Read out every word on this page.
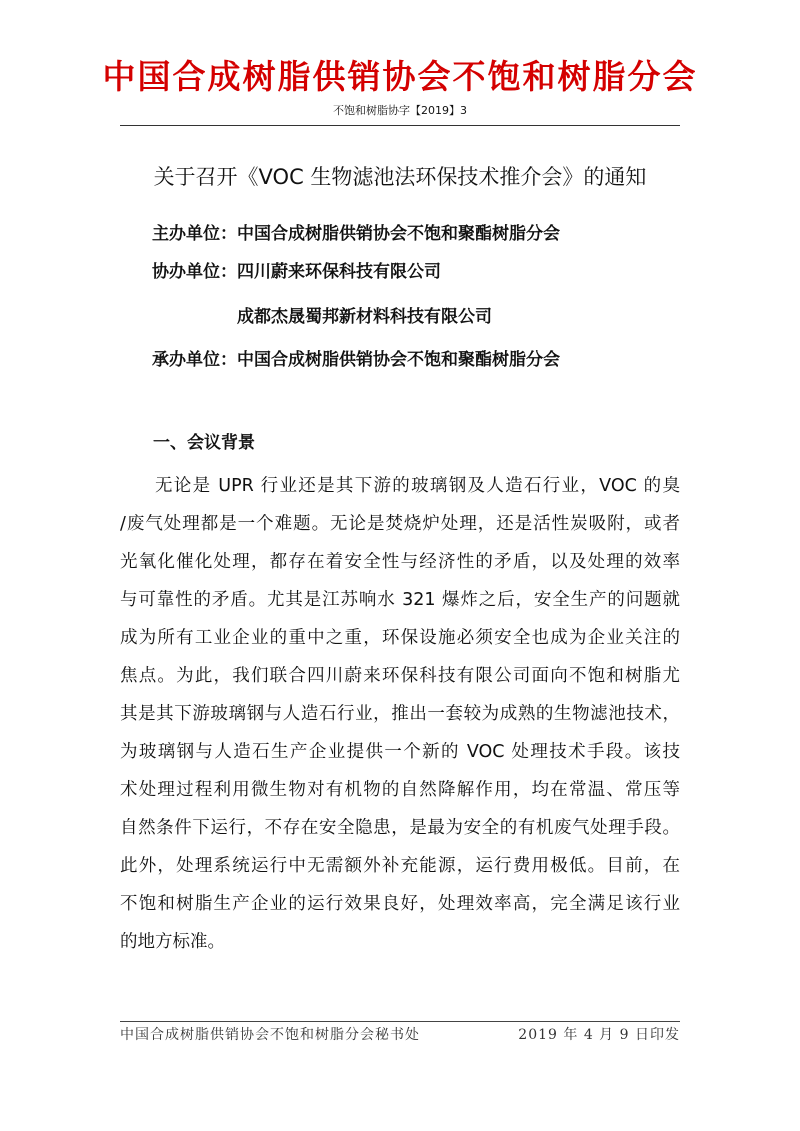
中国合成树脂供销协会不饱和树脂分会
不饱和树脂协字【2019】3
关于召开《VOC 生物滤池法环保技术推介会》的通知
主办单位：中国合成树脂供销协会不饱和聚酯树脂分会
协办单位：四川蔚来环保科技有限公司
成都杰晟蜀邦新材料科技有限公司
承办单位：中国合成树脂供销协会不饱和聚酯树脂分会
一、会议背景
无论是 UPR 行业还是其下游的玻璃钢及人造石行业，VOC 的臭
/废气处理都是一个难题。无论是焚烧炉处理，还是活性炭吸附，或者
光氧化催化处理，都存在着安全性与经济性的矛盾，以及处理的效率
与可靠性的矛盾。尤其是江苏响水 321 爆炸之后，安全生产的问题就
成为所有工业企业的重中之重，环保设施必须安全也成为企业关注的
焦点。为此，我们联合四川蔚来环保科技有限公司面向不饱和树脂尤
其是其下游玻璃钢与人造石行业，推出一套较为成熟的生物滤池技术，
为玻璃钢与人造石生产企业提供一个新的 VOC 处理技术手段。该技
术处理过程利用微生物对有机物的自然降解作用，均在常温、常压等
自然条件下运行，不存在安全隐患，是最为安全的有机废气处理手段。
此外，处理系统运行中无需额外补充能源，运行费用极低。目前，在
不饱和树脂生产企业的运行效果良好，处理效率高，完全满足该行业
的地方标准。
中国合成树脂供销协会不饱和树脂分会秘书处	2019 年 4 月 9 日印发
